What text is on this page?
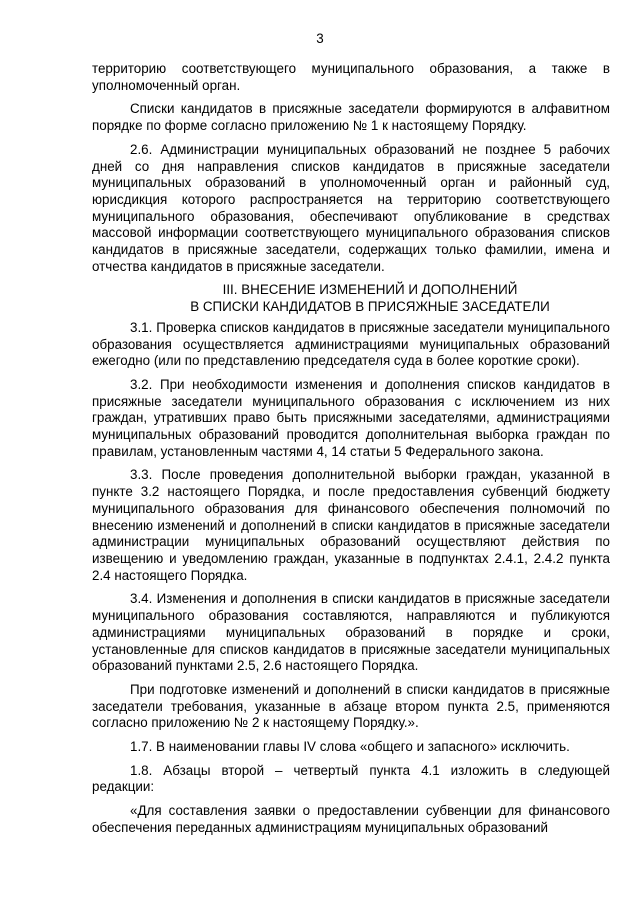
3

территорию соответствующего муниципального образования, а также в уполномоченный орган.

Списки кандидатов в присяжные заседатели формируются в алфавитном порядке по форме согласно приложению № 1 к настоящему Порядку.

2.6. Администрации муниципальных образований не позднее 5 рабочих дней со дня направления списков кандидатов в присяжные заседатели муниципальных образований в уполномоченный орган и районный суд, юрисдикция которого распространяется на территорию соответствующего муниципального образования, обеспечивают опубликование в средствах массовой информации соответствующего муниципального образования списков кандидатов в присяжные заседатели, содержащих только фамилии, имена и отчества кандидатов в присяжные заседатели.

III. ВНЕСЕНИЕ ИЗМЕНЕНИЙ И ДОПОЛНЕНИЙ
В СПИСКИ КАНДИДАТОВ В ПРИСЯЖНЫЕ ЗАСЕДАТЕЛИ

3.1. Проверка списков кандидатов в присяжные заседатели муниципального образования осуществляется администрациями муниципальных образований ежегодно (или по представлению председателя суда в более короткие сроки).

3.2. При необходимости изменения и дополнения списков кандидатов в присяжные заседатели муниципального образования с исключением из них граждан, утративших право быть присяжными заседателями, администрациями муниципальных образований проводится дополнительная выборка граждан по правилам, установленным частями 4, 14 статьи 5 Федерального закона.

3.3. После проведения дополнительной выборки граждан, указанной в пункте 3.2 настоящего Порядка, и после предоставления субвенций бюджету муниципального образования для финансового обеспечения полномочий по внесению изменений и дополнений в списки кандидатов в присяжные заседатели администрации муниципальных образований осуществляют действия по извещению и уведомлению граждан, указанные в подпунктах 2.4.1, 2.4.2 пункта 2.4 настоящего Порядка.

3.4. Изменения и дополнения в списки кандидатов в присяжные заседатели муниципального образования составляются, направляются и публикуются администрациями муниципальных образований в порядке и сроки, установленные для списков кандидатов в присяжные заседатели муниципальных образований пунктами 2.5, 2.6 настоящего Порядка.

При подготовке изменений и дополнений в списки кандидатов в присяжные заседатели требования, указанные в абзаце втором пункта 2.5, применяются согласно приложению № 2 к настоящему Порядку.».

1.7. В наименовании главы IV слова «общего и запасного» исключить.

1.8. Абзацы второй – четвертый пункта 4.1 изложить в следующей редакции:

«Для составления заявки о предоставлении субвенции для финансового обеспечения переданных администрациям муниципальных образований
